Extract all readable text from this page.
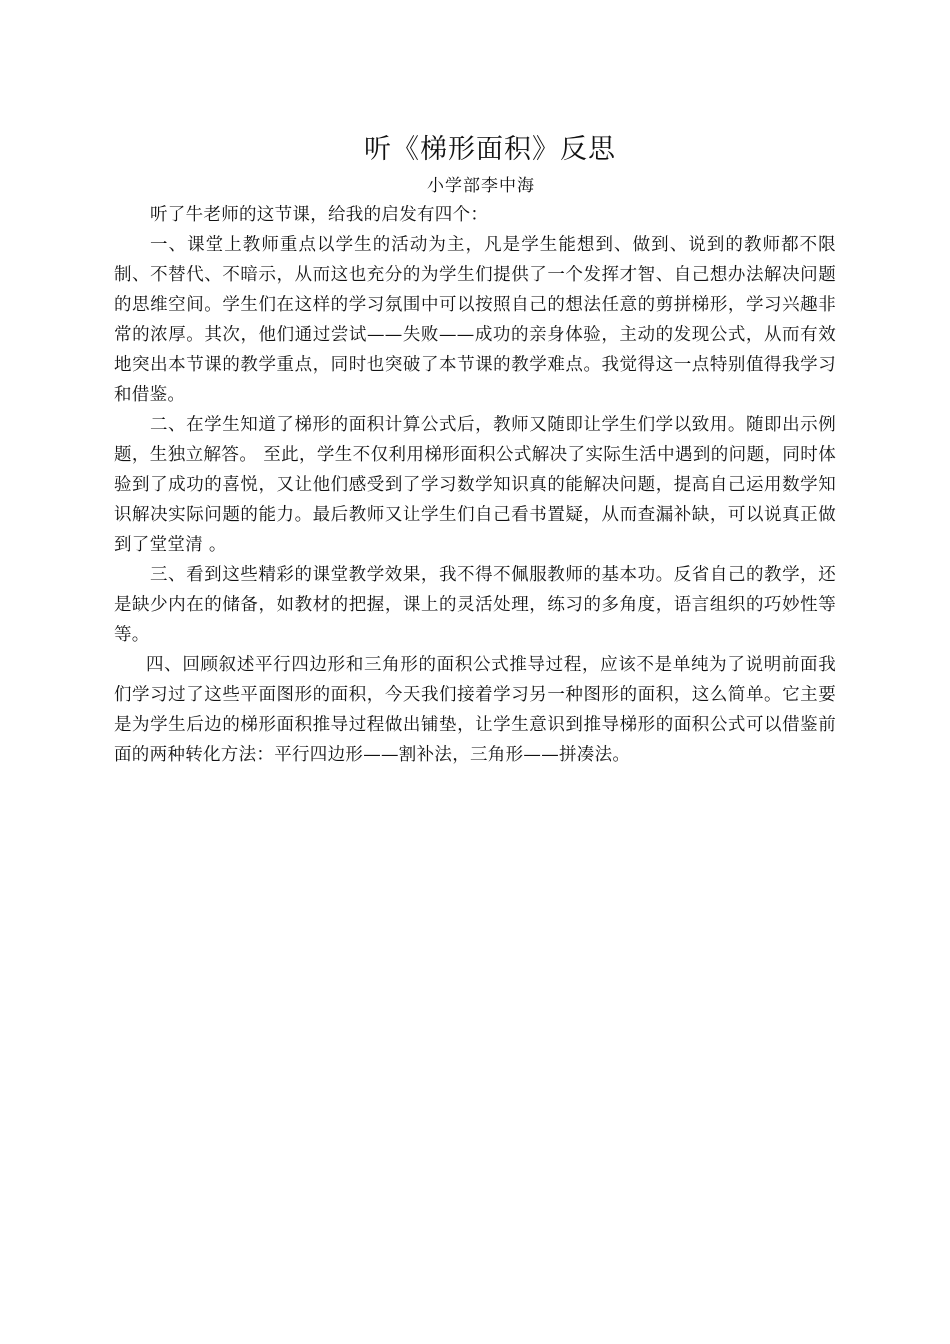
听《梯形面积》反思
小学部李中海

听了牛老师的这节课，给我的启发有四个：

一、课堂上教师重点以学生的活动为主，凡是学生能想到、做到、说到的教师都不限制、不替代、不暗示，从而这也充分的为学生们提供了一个发挥才智、自己想办法解决问题的思维空间。学生们在这样的学习氛围中可以按照自己的想法任意的剪拼梯形，学习兴趣非常的浓厚。其次，他们通过尝试——失败——成功的亲身体验，主动的发现公式，从而有效地突出本节课的教学重点，同时也突破了本节课的教学难点。我觉得这一点特别值得我学习和借鉴。

二、在学生知道了梯形的面积计算公式后，教师又随即让学生们学以致用。随即出示例题，生独立解答。 至此，学生不仅利用梯形面积公式解决了实际生活中遇到的问题，同时体验到了成功的喜悦，又让他们感受到了学习数学知识真的能解决问题，提高自己运用数学知识解决实际问题的能力。最后教师又让学生们自己看书置疑，从而查漏补缺，可以说真正做到了堂堂清 。

三、看到这些精彩的课堂教学效果，我不得不佩服教师的基本功。反省自己的教学，还是缺少内在的储备，如教材的把握，课上的灵活处理，练习的多角度，语言组织的巧妙性等等。

四、回顾叙述平行四边形和三角形的面积公式推导过程，应该不是单纯为了说明前面我们学习过了这些平面图形的面积，今天我们接着学习另一种图形的面积，这么简单。它主要是为学生后边的梯形面积推导过程做出铺垫，让学生意识到推导梯形的面积公式可以借鉴前面的两种转化方法：平行四边形——割补法，三角形——拼凑法。
